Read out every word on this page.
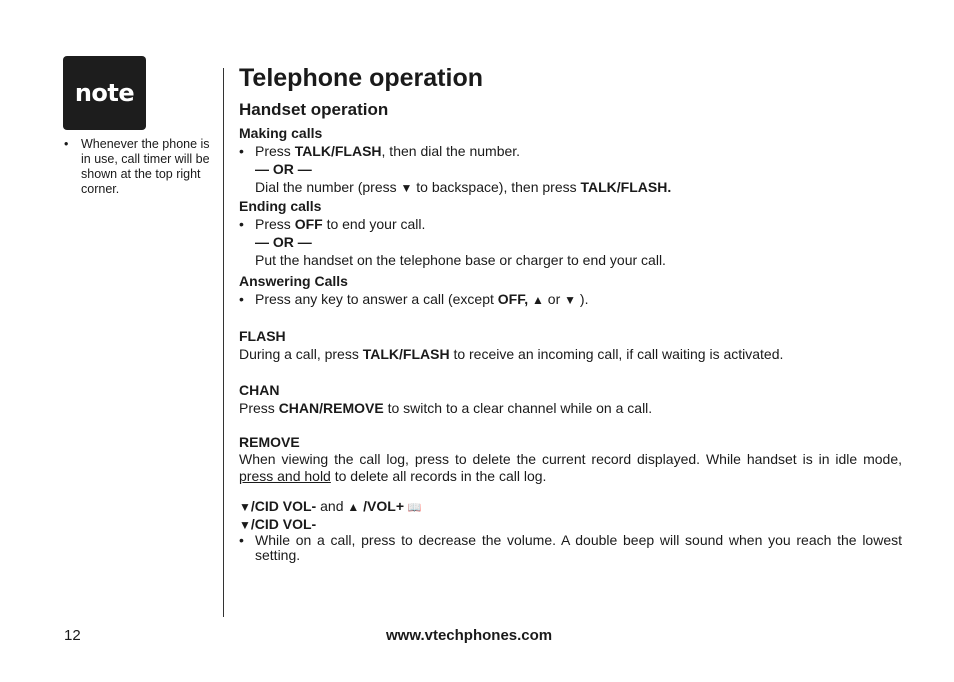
note
• Whenever the phone is in use, call timer will be shown at the top right corner.
Telephone operation
Handset operation

Making calls

• Press TALK/FLASH, then dial the number.

— OR —

Dial the number (press ▼ to backspace), then press TALK/FLASH.

Ending calls

• Press OFF to end your call.

— OR —

Put the handset on the telephone base or charger to end your call.

Answering Calls

• Press any key to answer a call (except OFF, ▲ or ▼ ).

FLASH

During a call, press TALK/FLASH to receive an incoming call, if call waiting is activated.

CHAN

Press CHAN/REMOVE to switch to a clear channel while on a call.

REMOVE

When viewing the call log, press to delete the current record displayed. While handset is in idle mode, press and hold to delete all records in the call log.

▼/CID VOL- and ▲ /VOL+ 📖

▼/CID VOL-

• While on a call, press to decrease the volume. A double beep will sound when you reach the lowest setting.

12	www.vtechphones.com
